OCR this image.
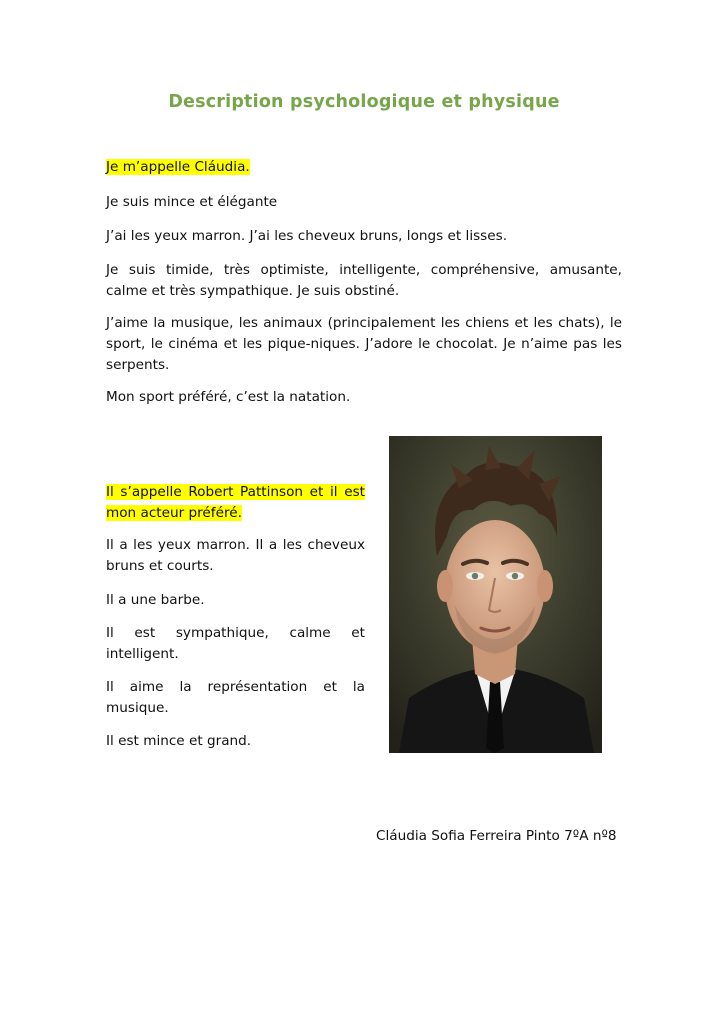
Description psychologique et physique

Je m’appelle Cláudia.

Je suis mince et élégante

J’ai les yeux marron. J’ai les cheveux bruns, longs et lisses.

Je suis timide, très optimiste, intelligente, compréhensive, amusante, calme et très sympathique. Je suis obstiné.

J’aime la musique, les animaux (principalement les chiens et les chats), le sport, le cinéma et les pique-niques. J’adore le chocolat. Je n’aime pas les serpents.

Mon sport préféré, c’est la natation.

Il s’appelle Robert Pattinson et il est mon acteur préféré.

Il a les yeux marron. Il a les cheveux bruns et courts.

Il a une barbe.

Il est sympathique, calme et intelligent.

Il aime la représentation et la musique.

Il est mince et grand.

Cláudia Sofia Ferreira Pinto 7ºA nº8
